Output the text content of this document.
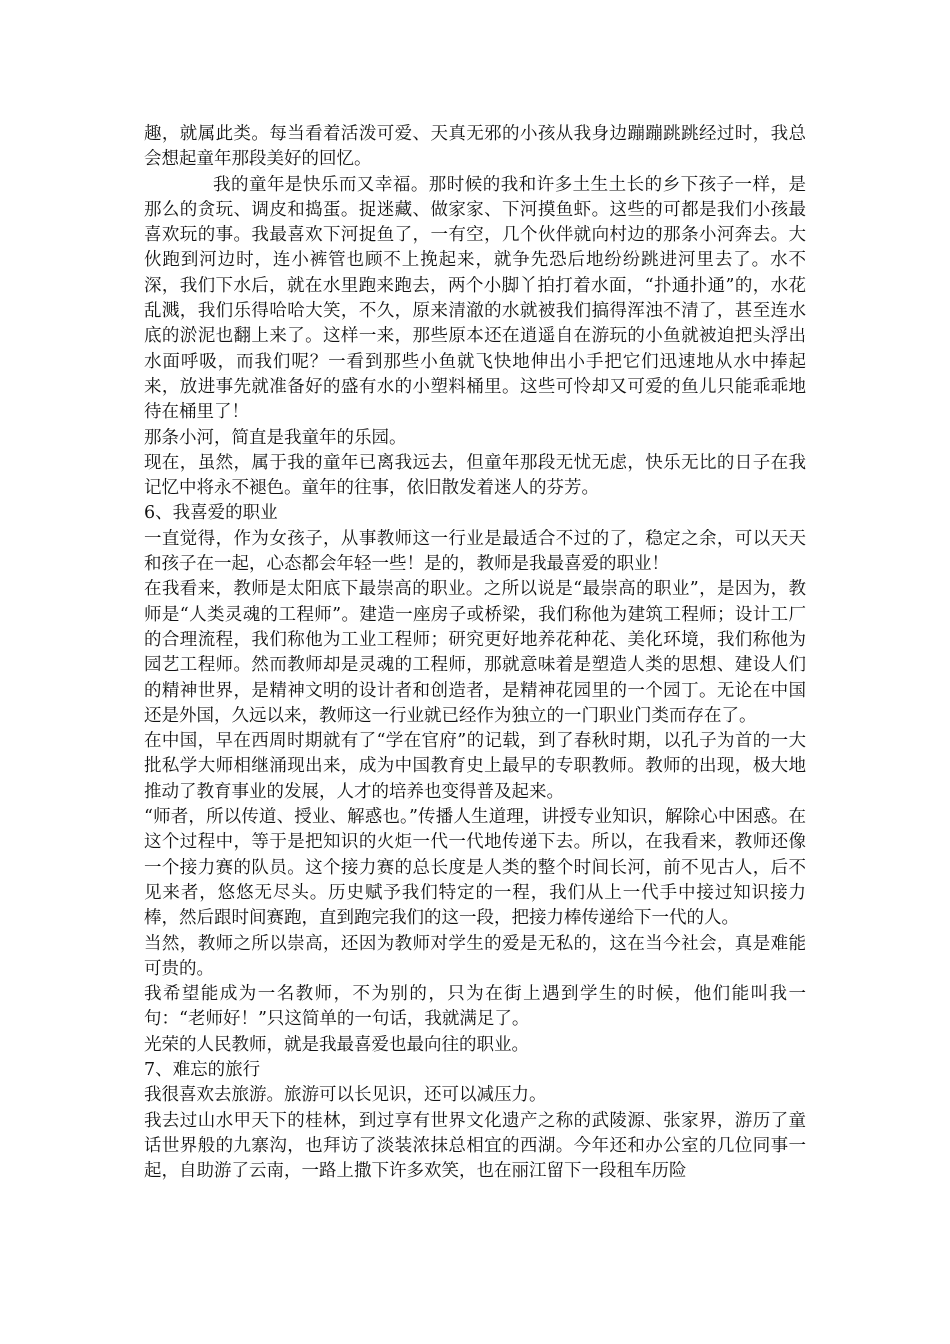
趣，就属此类。每当看着活泼可爱、天真无邪的小孩从我身边蹦蹦跳跳经过时，我总会想起童年那段美好的回忆。

我的童年是快乐而又幸福。那时候的我和许多土生土长的乡下孩子一样，是那么的贪玩、调皮和捣蛋。捉迷藏、做家家、下河摸鱼虾。这些的可都是我们小孩最喜欢玩的事。我最喜欢下河捉鱼了，一有空，几个伙伴就向村边的那条小河奔去。大伙跑到河边时，连小裤管也顾不上挽起来，就争先恐后地纷纷跳进河里去了。水不深，我们下水后，就在水里跑来跑去，两个小脚丫拍打着水面，“扑通扑通”的，水花乱溅，我们乐得哈哈大笑，不久，原来清澈的水就被我们搞得浑浊不清了，甚至连水底的淤泥也翻上来了。这样一来，那些原本还在逍遥自在游玩的小鱼就被迫把头浮出水面呼吸，而我们呢？一看到那些小鱼就飞快地伸出小手把它们迅速地从水中捧起来，放进事先就准备好的盛有水的小塑料桶里。这些可怜却又可爱的鱼儿只能乖乖地待在桶里了！

那条小河，简直是我童年的乐园。

现在，虽然，属于我的童年已离我远去，但童年那段无忧无虑，快乐无比的日子在我记忆中将永不褪色。童年的往事，依旧散发着迷人的芬芳。

6、我喜爱的职业

一直觉得，作为女孩子，从事教师这一行业是最适合不过的了，稳定之余，可以天天和孩子在一起，心态都会年轻一些！是的，教师是我最喜爱的职业！

在我看来，教师是太阳底下最崇高的职业。之所以说是“最崇高的职业”，是因为，教师是“人类灵魂的工程师”。建造一座房子或桥梁，我们称他为建筑工程师；设计工厂的合理流程，我们称他为工业工程师；研究更好地养花种花、美化环境，我们称他为园艺工程师。然而教师却是灵魂的工程师，那就意味着是塑造人类的思想、建设人们的精神世界，是精神文明的设计者和创造者，是精神花园里的一个园丁。无论在中国还是外国，久远以来，教师这一行业就已经作为独立的一门职业门类而存在了。

在中国，早在西周时期就有了“学在官府”的记载，到了春秋时期，以孔子为首的一大批私学大师相继涌现出来，成为中国教育史上最早的专职教师。教师的出现，极大地推动了教育事业的发展，人才的培养也变得普及起来。

“师者，所以传道、授业、解惑也。”传播人生道理，讲授专业知识，解除心中困惑。在这个过程中，等于是把知识的火炬一代一代地传递下去。所以，在我看来，教师还像一个接力赛的队员。这个接力赛的总长度是人类的整个时间长河，前不见古人，后不见来者，悠悠无尽头。历史赋予我们特定的一程，我们从上一代手中接过知识接力棒，然后跟时间赛跑，直到跑完我们的这一段，把接力棒传递给下一代的人。

当然，教师之所以崇高，还因为教师对学生的爱是无私的，这在当今社会，真是难能可贵的。

我希望能成为一名教师，不为别的，只为在街上遇到学生的时候，他们能叫我一句：“老师好！”只这简单的一句话，我就满足了。

光荣的人民教师，就是我最喜爱也最向往的职业。

7、难忘的旅行

我很喜欢去旅游。旅游可以长见识，还可以减压力。

我去过山水甲天下的桂林，到过享有世界文化遗产之称的武陵源、张家界，游历了童话世界般的九寨沟，也拜访了淡装浓抹总相宜的西湖。今年还和办公室的几位同事一起，自助游了云南，一路上撒下许多欢笑，也在丽江留下一段租车历险
